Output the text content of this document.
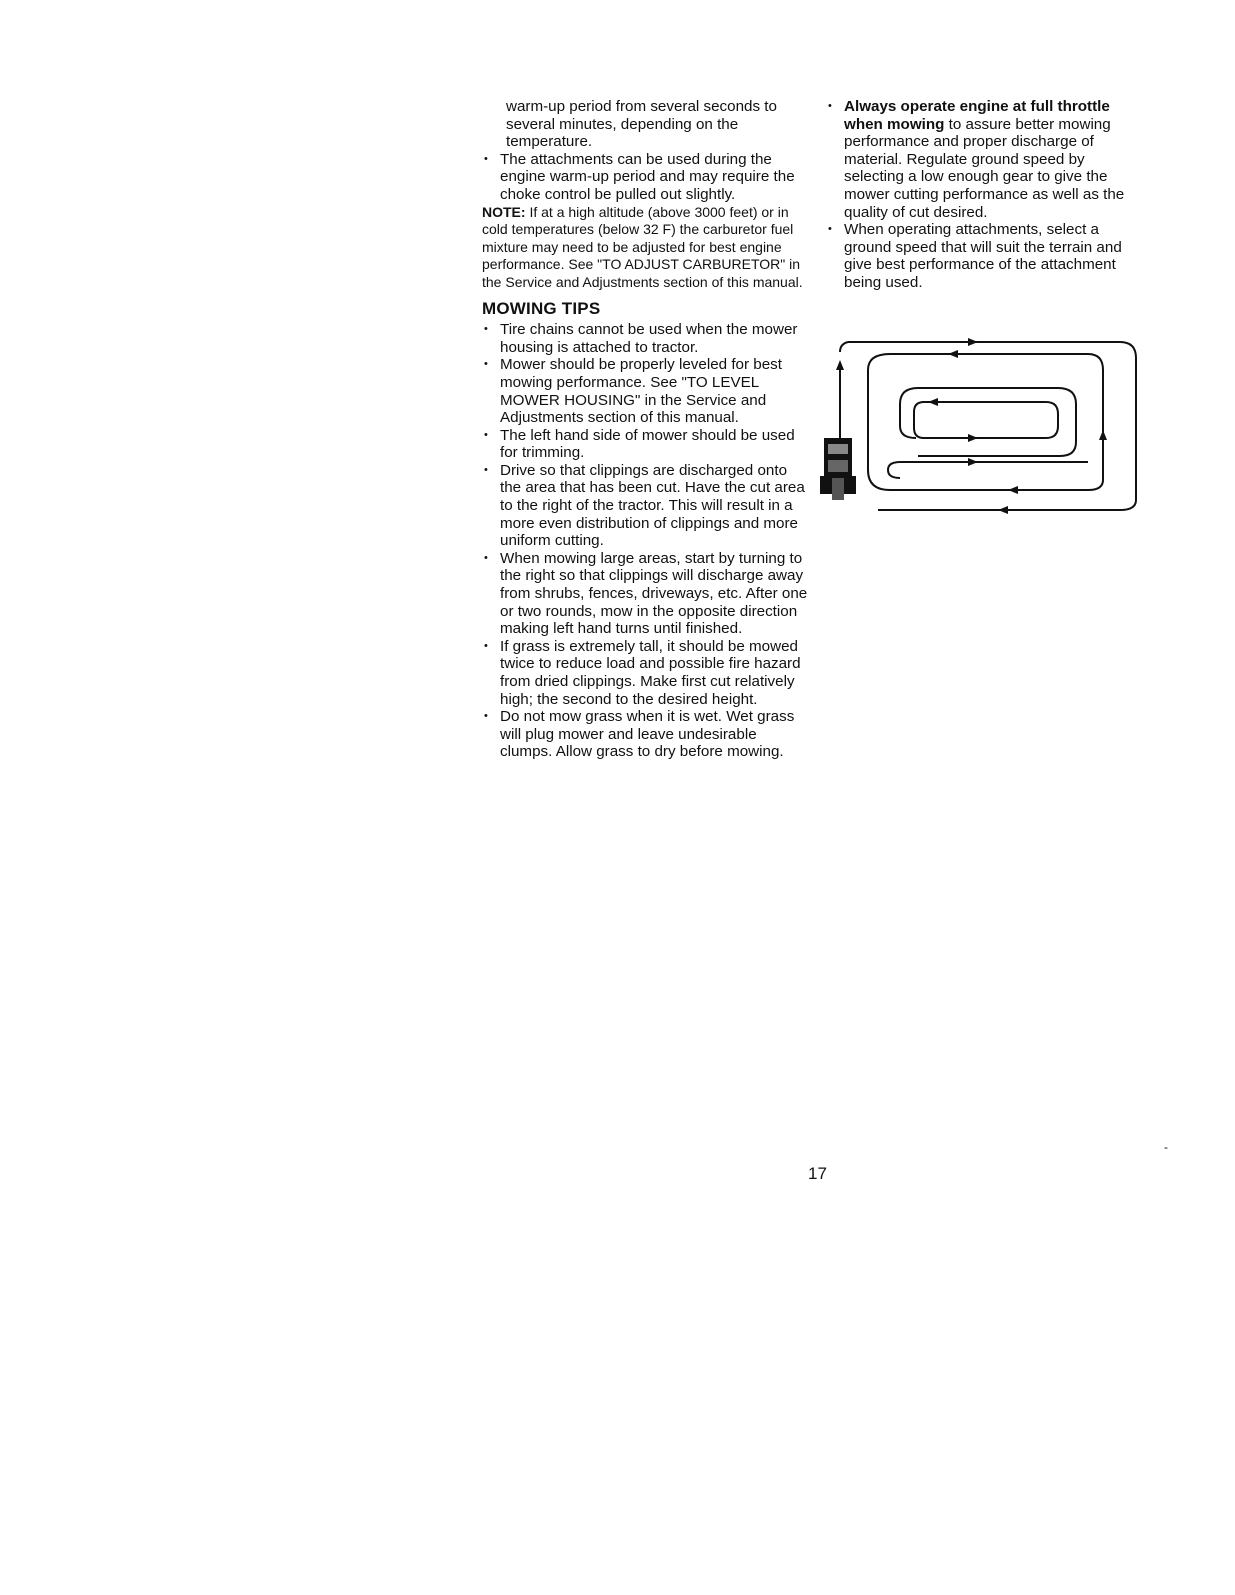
warm-up period from several seconds to several minutes, depending on the temperature.

• The attachments can be used during the engine warm-up period and may require the choke control be pulled out slightly.

NOTE: If at a high altitude (above 3000 feet) or in cold temperatures (below 32 F) the carburetor fuel mixture may need to be adjusted for best engine performance. See "TO ADJUST CARBURETOR" in the Service and Adjustments section of this manual.

MOWING TIPS
• Tire chains cannot be used when the mower housing is attached to tractor.
• Mower should be properly leveled for best mowing performance. See "TO LEVEL MOWER HOUSING" in the Service and Adjustments section of this manual.
• The left hand side of mower should be used for trimming.
• Drive so that clippings are discharged onto the area that has been cut. Have the cut area to the right of the tractor. This will result in a more even distribution of clippings and more uniform cutting.
• When mowing large areas, start by turning to the right so that clippings will discharge away from shrubs, fences, driveways, etc. After one or two rounds, mow in the opposite direction making left hand turns until finished.
• If grass is extremely tall, it should be mowed twice to reduce load and possible fire hazard from dried clippings. Make first cut relatively high; the second to the desired height.
• Do not mow grass when it is wet. Wet grass will plug mower and leave undesirable clumps. Allow grass to dry before mowing.
• Always operate engine at full throttle when mowing to assure better mowing performance and proper discharge of material. Regulate ground speed by selecting a low enough gear to give the mower cutting performance as well as the quality of cut desired.
• When operating attachments, select a ground speed that will suit the terrain and give best performance of the attachment being used.
17
-
